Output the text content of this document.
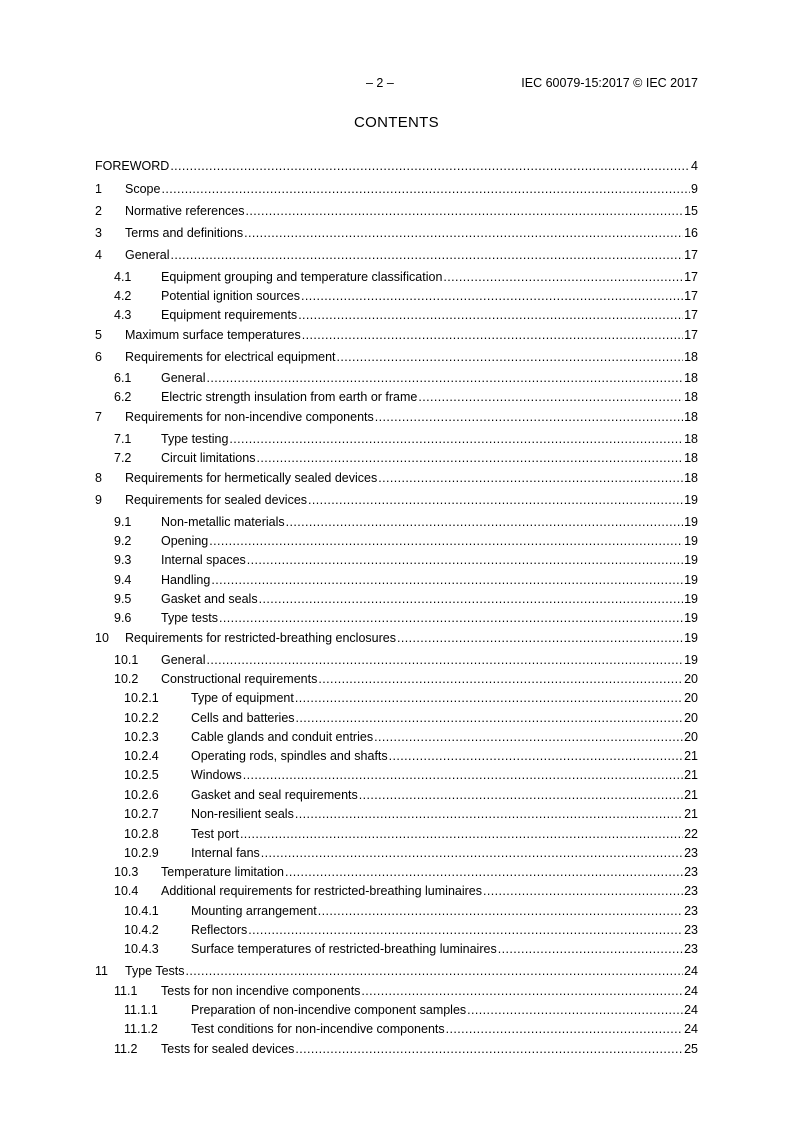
– 2 –	IEC 60079-15:2017 © IEC 2017
CONTENTS
FOREWORD .....	4
1	Scope .....	9
2	Normative references .....	15
3	Terms and definitions .....	16
4	General .....	17
4.1	Equipment grouping and temperature classification .....	17
4.2	Potential ignition sources .....	17
4.3	Equipment requirements .....	17
5	Maximum surface temperatures .....	17
6	Requirements for electrical equipment .....	18
6.1	General .....	18
6.2	Electric strength insulation from earth or frame .....	18
7	Requirements for non-incendive components .....	18
7.1	Type testing .....	18
7.2	Circuit limitations .....	18
8	Requirements for hermetically sealed devices .....	18
9	Requirements for sealed devices .....	19
9.1	Non-metallic materials .....	19
9.2	Opening .....	19
9.3	Internal spaces .....	19
9.4	Handling .....	19
9.5	Gasket and seals .....	19
9.6	Type tests .....	19
10	Requirements for restricted-breathing enclosures .....	19
10.1	General .....	19
10.2	Constructional requirements .....	20
10.2.1	Type of equipment .....	20
10.2.2	Cells and batteries .....	20
10.2.3	Cable glands and conduit entries .....	20
10.2.4	Operating rods, spindles and shafts .....	21
10.2.5	Windows .....	21
10.2.6	Gasket and seal requirements .....	21
10.2.7	Non-resilient seals .....	21
10.2.8	Test port .....	22
10.2.9	Internal fans .....	23
10.3	Temperature limitation .....	23
10.4	Additional requirements for restricted-breathing luminaires .....	23
10.4.1	Mounting arrangement .....	23
10.4.2	Reflectors .....	23
10.4.3	Surface temperatures of restricted-breathing luminaires .....	23
11	Type Tests .....	24
11.1	Tests for non incendive components .....	24
11.1.1	Preparation of non-incendive component samples .....	24
11.1.2	Test conditions for non-incendive components .....	24
11.2	Tests for sealed devices .....	25
